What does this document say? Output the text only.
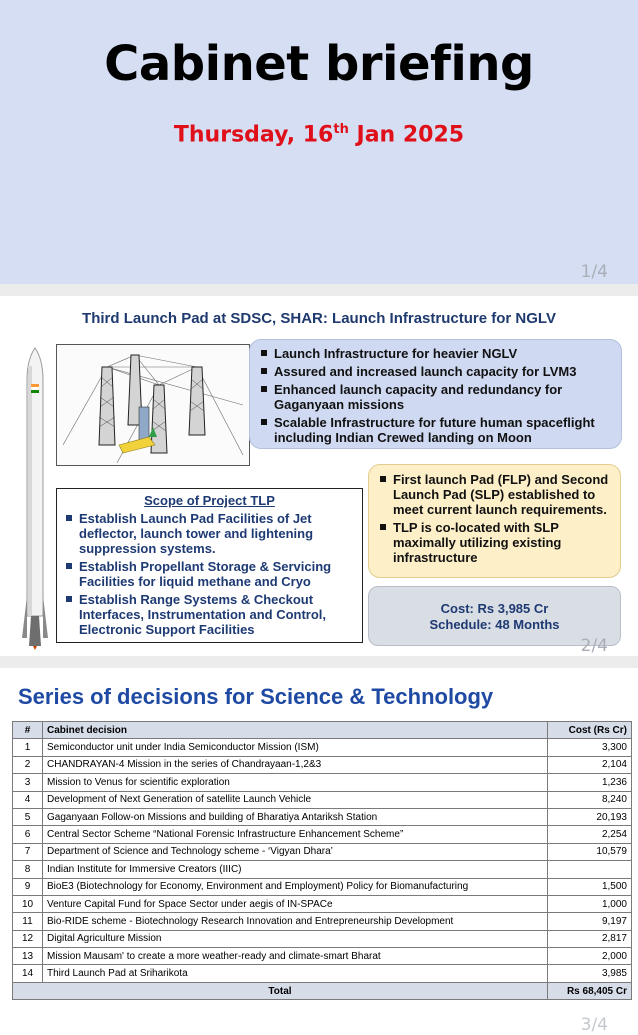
Cabinet briefing
Thursday, 16th Jan 2025
1/4
Third Launch Pad at SDSC, SHAR: Launch Infrastructure for NGLV
Launch Infrastructure for heavier NGLV
Assured and increased launch capacity for LVM3
Enhanced launch capacity and redundancy for Gaganyaan missions
Scalable Infrastructure for future human spaceflight including Indian Crewed landing on Moon
First launch Pad (FLP) and Second Launch Pad (SLP) established to meet current launch requirements.
TLP is co-located with SLP maximally utilizing existing infrastructure
Scope of Project TLP
Establish Launch Pad Facilities of Jet deflector, launch tower and lightening suppression systems.
Establish Propellant Storage & Servicing Facilities for liquid methane and Cryo
Establish Range Systems & Checkout Interfaces, Instrumentation and Control, Electronic Support Facilities
Cost: Rs 3,985 Cr
Schedule: 48 Months
2/4
Series of decisions for Science & Technology
#	Cabinet decision	Cost (Rs Cr)
1	Semiconductor unit under India Semiconductor Mission (ISM)	3,300
2	CHANDRAYAN-4 Mission in the series of Chandrayaan-1,2&3	2,104
3	Mission to Venus for scientific exploration	1,236
4	Development of Next Generation of satellite Launch Vehicle	8,240
5	Gaganyaan Follow-on Missions and building of Bharatiya Antariksh Station	20,193
6	Central Sector Scheme “National Forensic Infrastructure Enhancement Scheme”	2,254
7	Department of Science and Technology scheme - ‘Vigyan Dhara’	10,579
8	Indian Institute for Immersive Creators (IIIC)	
9	BioE3 (Biotechnology for Economy, Environment and Employment) Policy for Biomanufacturing	1,500
10	Venture Capital Fund for Space Sector under aegis of IN-SPACe	1,000
11	Bio-RIDE scheme - Biotechnology Research Innovation and Entrepreneurship Development	9,197
12	Digital Agriculture Mission	2,817
13	Mission Mausam' to create a more weather-ready and climate-smart Bharat	2,000
14	Third Launch Pad at Sriharikota	3,985
Total		Rs 68,405 Cr
3/4
